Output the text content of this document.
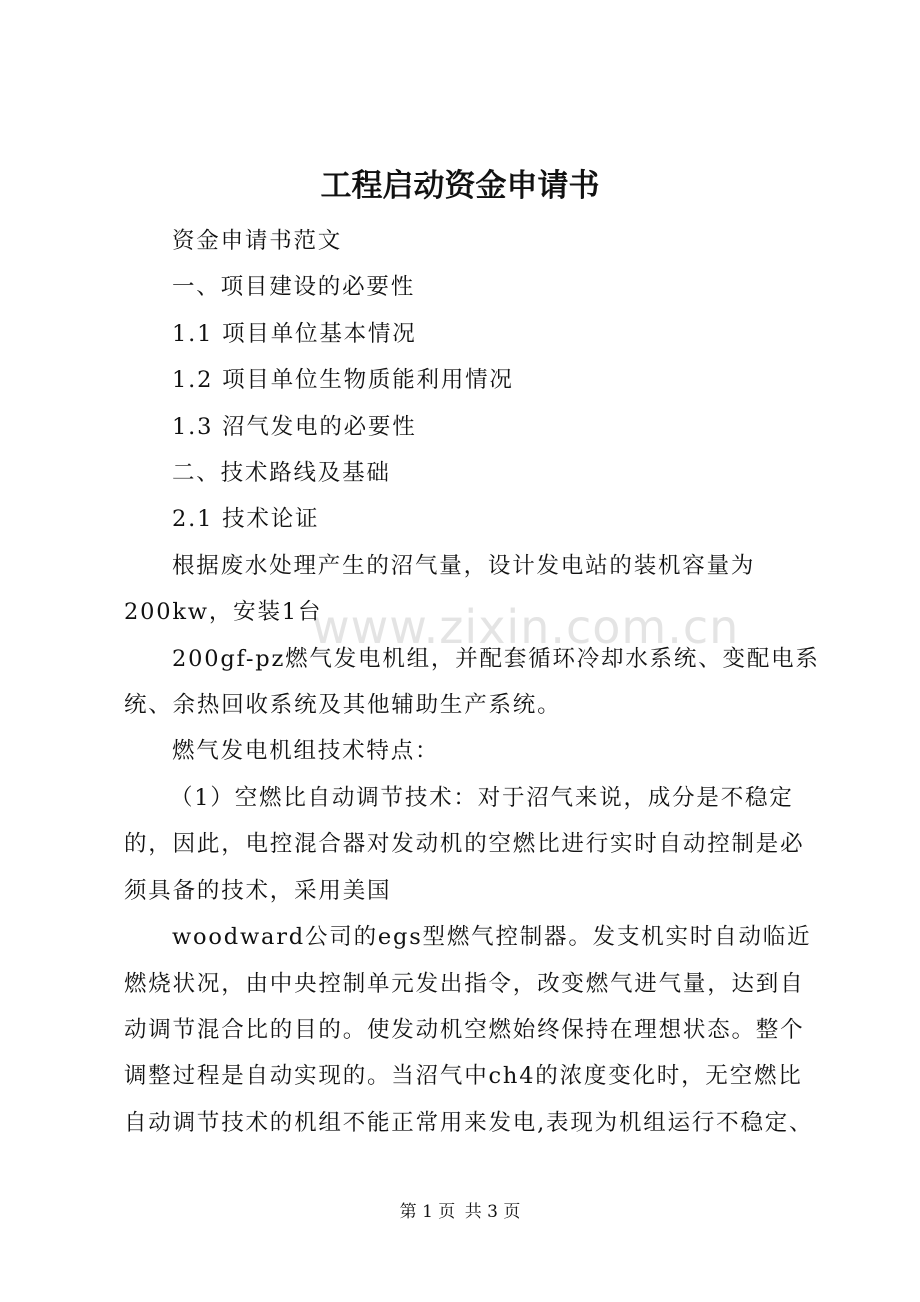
www.zixin.com.cn
工程启动资金申请书

资金申请书范文

一、项目建设的必要性

1.1 项目单位基本情况

1.2 项目单位生物质能利用情况

1.3 沼气发电的必要性

二、技术路线及基础

2.1 技术论证

根据废水处理产生的沼气量，设计发电站的装机容量为200kw，安装1台

200gf-pz燃气发电机组，并配套循环冷却水系统、变配电系统、余热回收系统及其他辅助生产系统。

燃气发电机组技术特点：

（1）空燃比自动调节技术：对于沼气来说，成分是不稳定的，因此，电控混合器对发动机的空燃比进行实时自动控制是必须具备的技术，采用美国

woodward公司的egs型燃气控制器。发支机实时自动临近燃烧状况，由中央控制单元发出指令，改变燃气进气量，达到自动调节混合比的目的。使发动机空燃始终保持在理想状态。整个调整过程是自动实现的。当沼气中ch4的浓度变化时，无空燃比自动调节技术的机组不能正常用来发电,表现为机组运行不稳定、

第 1 页 共 3 页
